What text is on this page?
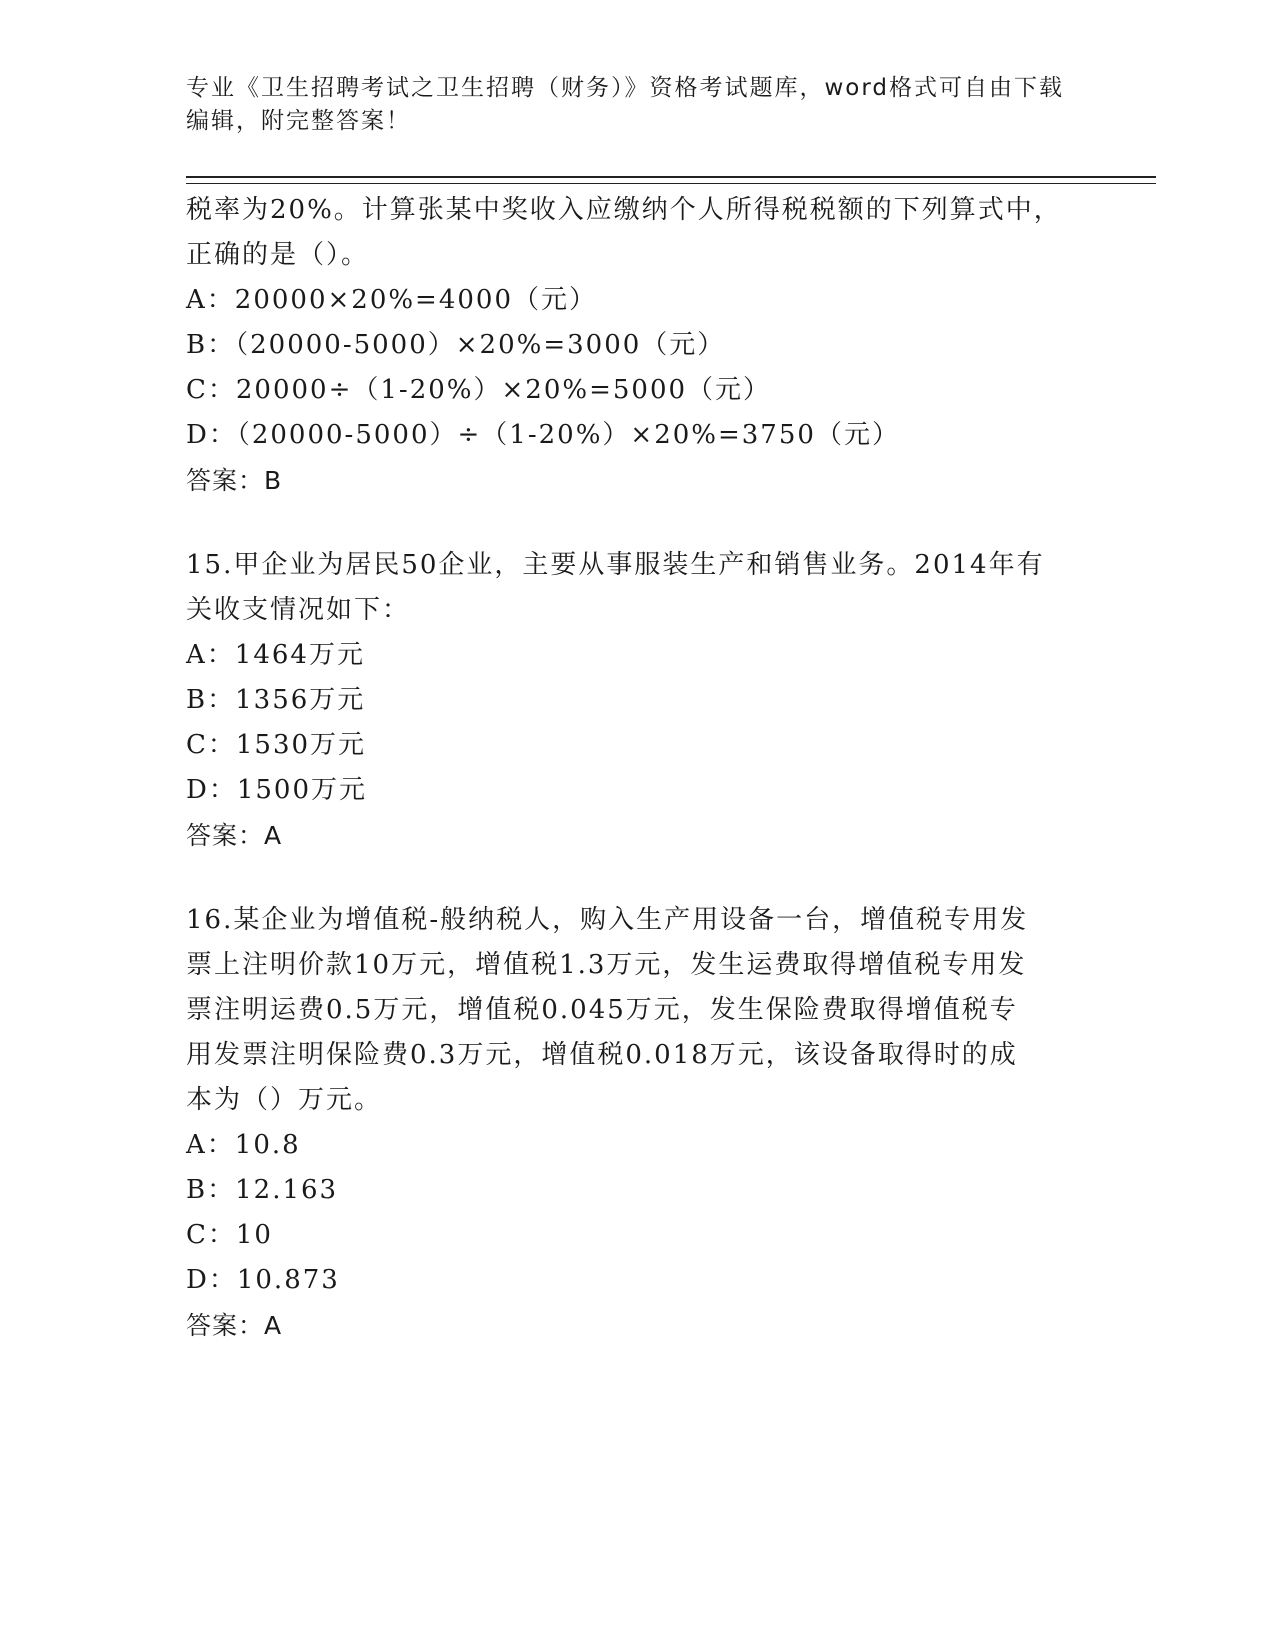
专业《卫生招聘考试之卫生招聘（财务）》资格考试题库，word格式可自由下载
编辑，附完整答案！
税率为20%。计算张某中奖收入应缴纳个人所得税税额的下列算式中，
正确的是（）。
A：20000×20%=4000（元）
B：（20000-5000）×20%=3000（元）
C：20000÷（1-20%）×20%=5000（元）
D：（20000-5000）÷（1-20%）×20%=3750（元）
答案：B
15.甲企业为居民50企业，主要从事服装生产和销售业务。2014年有
关收支情况如下：
A：1464万元
B：1356万元
C：1530万元
D：1500万元
答案：A
16.某企业为增值税-般纳税人，购入生产用设备一台，增值税专用发
票上注明价款10万元，增值税1.3万元，发生运费取得增值税专用发
票注明运费0.5万元，增值税0.045万元，发生保险费取得增值税专
用发票注明保险费0.3万元，增值税0.018万元，该设备取得时的成
本为（）万元。
A：10.8
B：12.163
C：10
D：10.873
答案：A
